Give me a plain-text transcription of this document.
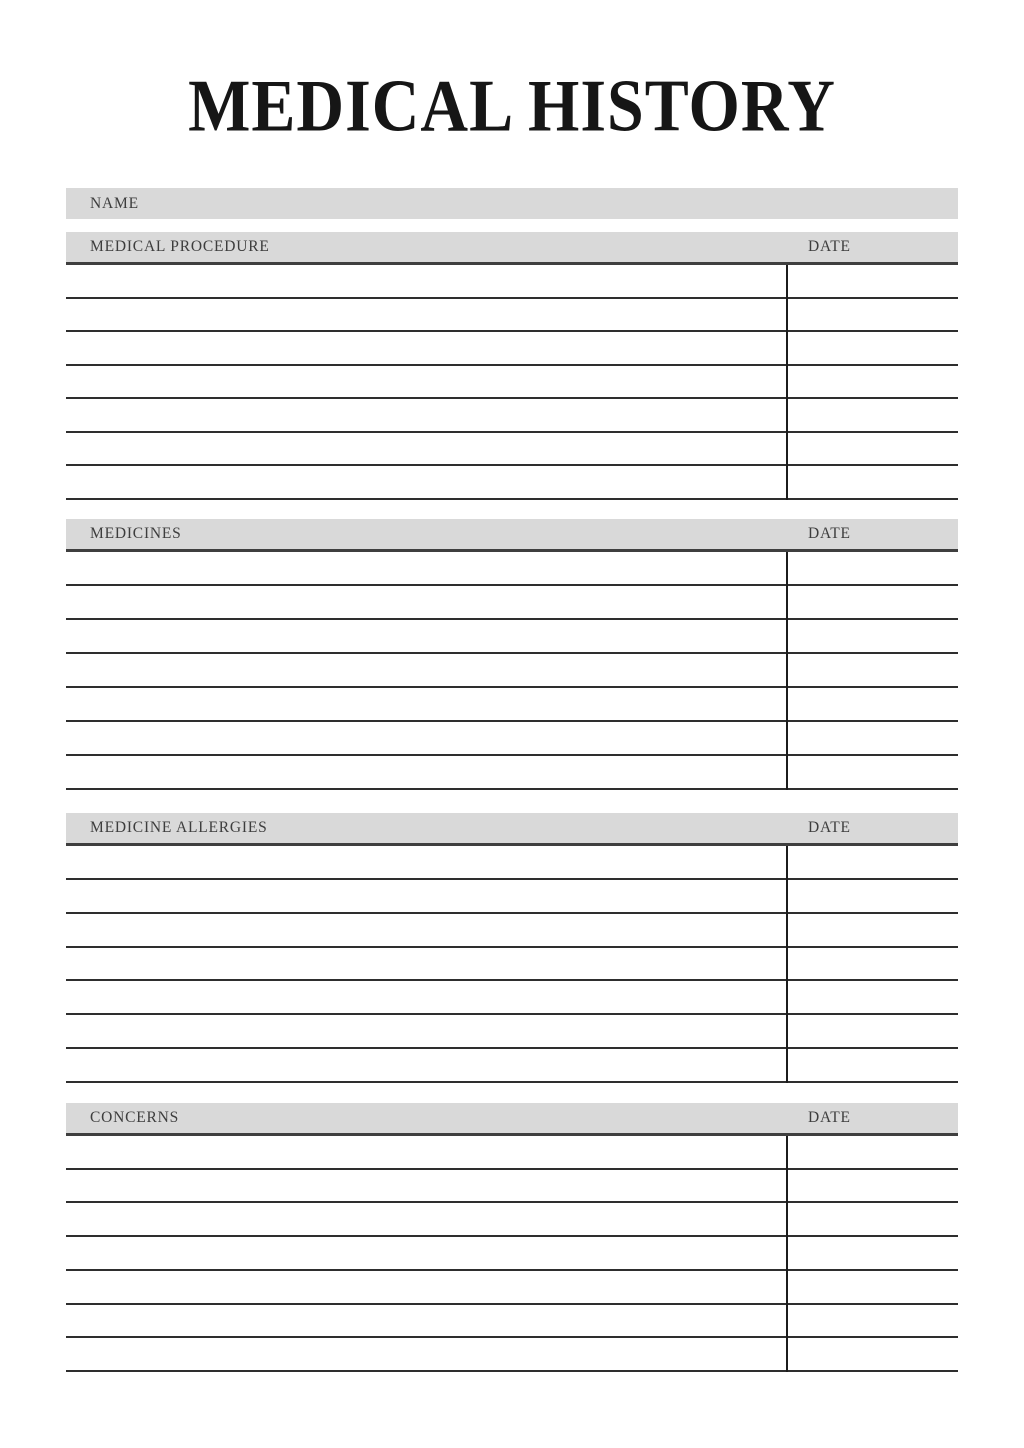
MEDICAL HISTORY
NAME
MEDICAL PROCEDURE	DATE
MEDICINES	DATE
MEDICINE ALLERGIES	DATE
CONCERNS	DATE
